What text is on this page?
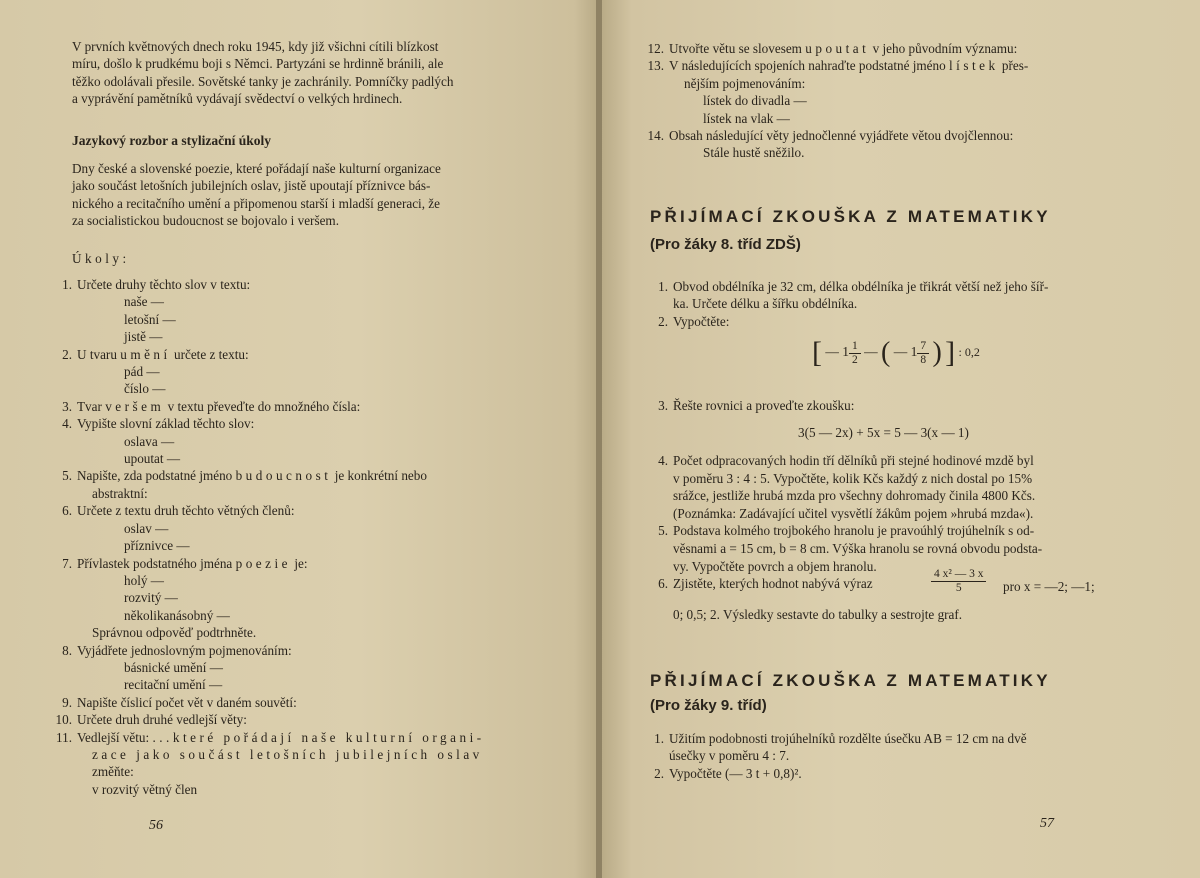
V prvních květnových dnech roku 1945, kdy již všichni cítili blízkost
míru, došlo k prudkému boji s Němci. Partyzáni se hrdinně bránili, ale
těžko odolávali přesile. Sovětské tanky je zachránily. Pomníčky padlých
a vyprávění pamětníků vydávají svědectví o velkých hrdinech.
Jazykový rozbor a stylizační úkoly
Dny české a slovenské poezie, které pořádají naše kulturní organizace
jako součást letošních jubilejních oslav, jistě upoutají příznivce bás-
nického a recitačního umění a připomenou starší i mladší generaci, že
za socialistickou budoucnost se bojovalo i veršem.
Úkoly:
1. Určete druhy těchto slov v textu:
naše —
letošní —
jistě —
2. U tvaru umění určete z textu:
pád —
číslo —
3. Tvar veršem v textu převeďte do množného čísla:
4. Vypište slovní základ těchto slov:
oslava —
upoutat —
5. Napište, zda podstatné jméno budoucnost je konkrétní nebo
abstraktní:
6. Určete z textu druh těchto větných členů:
oslav —
příznivce —
7. Přívlastek podstatného jména poezie je:
holý —
rozvitý —
několikanásobný —
Správnou odpověď podtrhněte.
8. Vyjádřete jednoslovným pojmenováním:
básnické umění —
recitační umění —
9. Napište číslicí počet vět v daném souvětí:
10. Určete druh druhé vedlejší věty:
11. Vedlejší větu: ...které pořádají naše kulturní organi-
zace jako součást letošních jubilejních oslav
změňte:
v rozvitý větný člen
56
12. Utvořte větu se slovesem upoutat v jeho původním významu:
13. V následujících spojeních nahraďte podstatné jméno lístek přes-
nějším pojmenováním:
lístek do divadla —
lístek na vlak —
14. Obsah následující věty jednočlenné vyjádřete větou dvojčlennou:
Stále hustě sněžilo.
PŘIJÍMACÍ ZKOUŠKA Z MATEMATIKY
(Pro žáky 8. tříd ZDŠ)
1. Obvod obdélníka je 32 cm, délka obdélníka je třikrát větší než jeho šíř-
ka. Určete délku a šířku obdélníka.
2. Vypočtěte:
[ — $1 \frac{1}{2}$ — ( — $1 \frac{7}{8}$ ) ] : 0,2
3. Řešte rovnici a proveďte zkoušku:
3(5 — 2x) + 5x = 5 — 3(x — 1)
4. Počet odpracovaných hodin tří dělníků při stejné hodinové mzdě byl
v poměru 3 : 4 : 5. Vypočtěte, kolik Kčs každý z nich dostal po 15%
srážce, jestliže hrubá mzda pro všechny dohromady činila 4800 Kčs.
(Poznámka: Zadávající učitel vysvětlí žákům pojem »hrubá mzda«).
5. Podstava kolmého trojbokého hranolu je pravoúhlý trojúhelník s od-
věsnami a = 15 cm, b = 8 cm. Výška hranolu se rovná obvodu podsta-
vy. Vypočtěte povrch a objem hranolu.
6. Zjistěte, kterých hodnot nabývá výraz	$\frac{\text{4 x² — 3 x}}{5}$ pro x = —2; —1;
0; 0,5; 2. Výsledky sestavte do tabulky a sestrojte graf.
PŘIJÍMACÍ ZKOUŠKA Z MATEMATIKY
(Pro žáky 9. tříd)
1. Užitím podobnosti trojúhelníků rozdělte úsečku AB = 12 cm na dvě
úsečky v poměru 4 : 7.
2. Vypočtěte (— 3 t + 0,8)².
57
